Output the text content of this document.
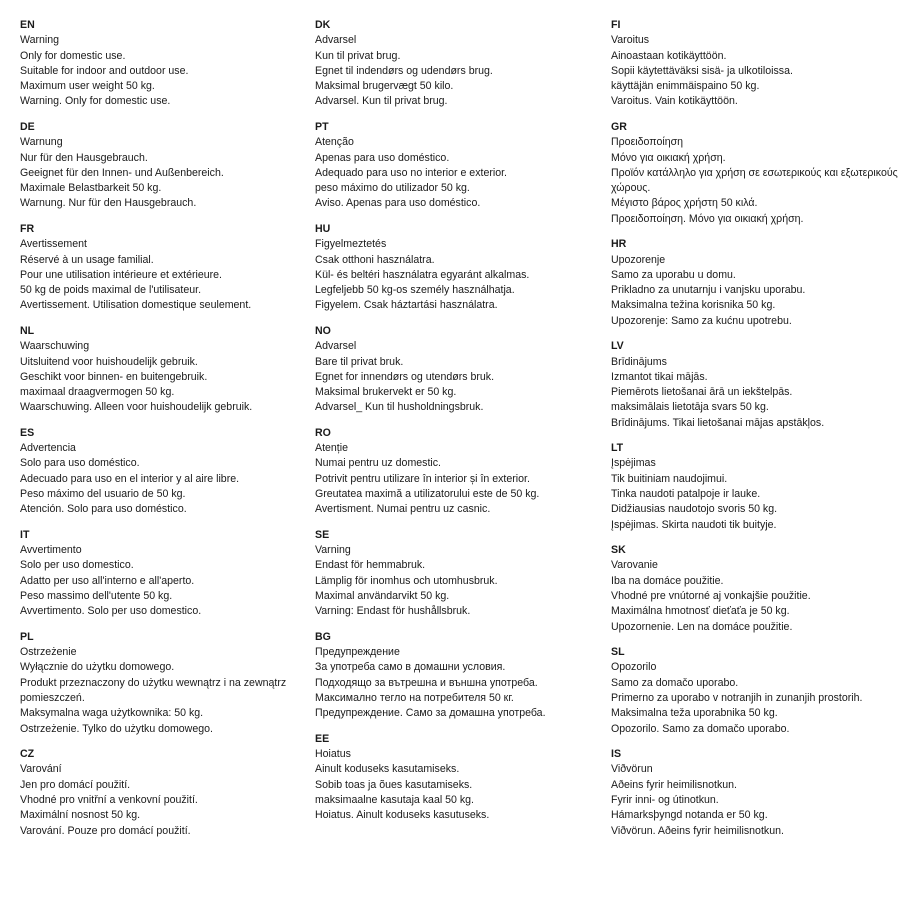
EN
Warning
Only for domestic use.
Suitable for indoor and outdoor use.
Maximum user weight 50 kg.
Warning. Only for domestic use.
DE
Warnung
Nur für den Hausgebrauch.
Geeignet für den Innen- und Außenbereich.
Maximale Belastbarkeit 50 kg.
Warnung. Nur für den Hausgebrauch.
FR
Avertissement
Réservé à un usage familial.
Pour une utilisation intérieure et extérieure.
50 kg de poids maximal de l'utilisateur.
Avertissement. Utilisation domestique seulement.
NL
Waarschuwing
Uitsluitend voor huishoudelijk gebruik.
Geschikt voor binnen- en buitengebruik.
maximaal draagvermogen 50 kg.
Waarschuwing. Alleen voor huishoudelijk gebruik.
ES
Advertencia
Solo para uso doméstico.
Adecuado para uso en el interior y al aire libre.
Peso máximo del usuario de 50 kg.
Atención. Solo para uso doméstico.
IT
Avvertimento
Solo per uso domestico.
Adatto per uso all'interno e all'aperto.
Peso massimo dell'utente 50 kg.
Avvertimento. Solo per uso domestico.
PL
Ostrzeżenie
Wyłącznie do użytku domowego.
Produkt przeznaczony do użytku wewnątrz i na zewnątrz pomieszczeń.
Maksymalna waga użytkownika: 50 kg.
Ostrzeżenie. Tylko do użytku domowego.
CZ
Varování
Jen pro domácí použití.
Vhodné pro vnitřní a venkovní použití.
Maximální nosnost 50 kg.
Varování. Pouze pro domácí použití.
DK
Advarsel
Kun til privat brug.
Egnet til indendørs og udendørs brug.
Maksimal brugervægt 50 kilo.
Advarsel. Kun til privat brug.
PT
Atenção
Apenas para uso doméstico.
Adequado para uso no interior e exterior.
peso máximo do utilizador 50 kg.
Aviso. Apenas para uso doméstico.
HU
Figyelmeztetés
Csak otthoni használatra.
Kül- és beltéri használatra egyaránt alkalmas.
Legfeljebb 50 kg-os személy használhatja.
Figyelem. Csak háztartási használatra.
NO
Advarsel
Bare til privat bruk.
Egnet for innendørs og utendørs bruk.
Maksimal brukervekt er 50 kg.
Advarsel_ Kun til husholdningsbruk.
RO
Atenție
Numai pentru uz domestic.
Potrivit pentru utilizare în interior și în exterior.
Greutatea maximă a utilizatorului este de 50 kg.
Avertisment. Numai pentru uz casnic.
SE
Varning
Endast för hemmabruk.
Lämplig för inomhus och utomhusbruk.
Maximal användarvikt 50 kg.
Varning: Endast för hushållsbruk.
BG
Предупреждение
За употреба само в домашни условия.
Подходящо за вътрешна и външна употреба.
Максимално тегло на потребителя 50 кг.
Предупреждение. Само за домашна употреба.
EE
Hoiatus
Ainult koduseks kasutamiseks.
Sobib toas ja õues kasutamiseks.
maksimaalne kasutaja kaal 50 kg.
Hoiatus. Ainult koduseks kasutuseks.
FI
Varoitus
Ainoastaan kotikäyttöön.
Sopii käytettäväksi sisä- ja ulkotiloissa.
käyttäjän enimmäispaino 50 kg.
Varoitus. Vain kotikäyttöön.
GR
Προειδοποίηση
Μόνο για οικιακή χρήση.
Προϊόν κατάλληλο για χρήση σε εσωτερικούς και εξωτερικούς χώρους.
Μέγιστο βάρος χρήστη 50 κιλά.
Προειδοποίηση. Μόνο για οικιακή χρήση.
HR
Upozorenje
Samo za uporabu u domu.
Prikladno za unutarnju i vanjsku uporabu.
Maksimalna težina korisnika 50 kg.
Upozorenje: Samo za kućnu upotrebu.
LV
Brīdinājums
Izmantot tikai mājās.
Piemērots lietošanai ārā un iekštelpās.
maksimālais lietotāja svars 50 kg.
Brīdinājums. Tikai lietošanai mājas apstākļos.
LT
Įspėjimas
Tik buitiniam naudojimui.
Tinka naudoti patalpoje ir lauke.
Didžiausias naudotojo svoris 50 kg.
Įspėjimas. Skirta naudoti tik buityje.
SK
Varovanie
Iba na domáce použitie.
Vhodné pre vnútorné aj vonkajšie použitie.
Maximálna hmotnosť dieťaťa je 50 kg.
Upozornenie. Len na domáce použitie.
SL
Opozorilo
Samo za domačo uporabo.
Primerno za uporabo v notranjih in zunanjih prostorih.
Maksimalna teža uporabnika 50 kg.
Opozorilo. Samo za domačo uporabo.
IS
Viðvörun
Aðeins fyrir heimilisnotkun.
Fyrir inni- og útinotkun.
Hámarksþyngd notanda er 50 kg.
Viðvörun. Aðeins fyrir heimilisnotkun.
